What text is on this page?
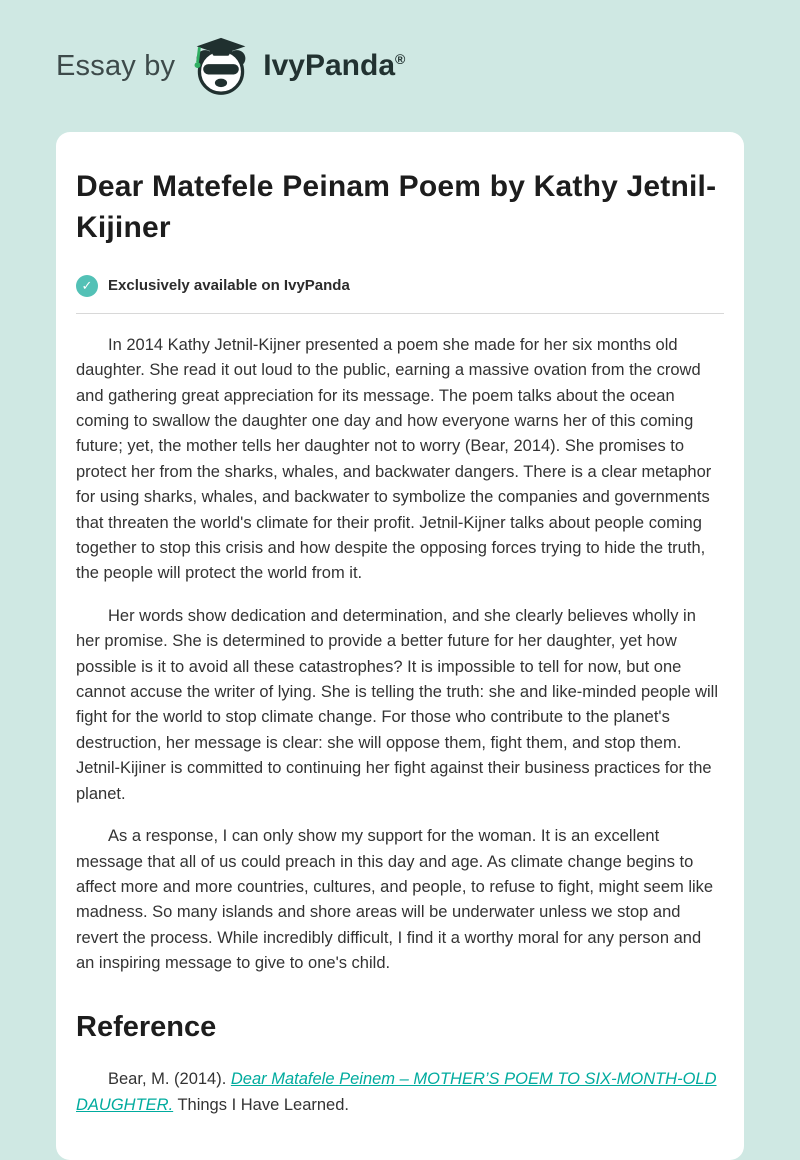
Essay by	IvyPanda®
Dear Matefele Peinam Poem by Kathy Jetnil-Kijiner
✓	Exclusively available on IvyPanda

In 2014 Kathy Jetnil-Kijner presented a poem she made for her six months old daughter. She read it out loud to the public, earning a massive ovation from the crowd and gathering great appreciation for its message. The poem talks about the ocean coming to swallow the daughter one day and how everyone warns her of this coming future; yet, the mother tells her daughter not to worry (Bear, 2014). She promises to protect her from the sharks, whales, and backwater dangers. There is a clear metaphor for using sharks, whales, and backwater to symbolize the companies and governments that threaten the world's climate for their profit. Jetnil-Kijner talks about people coming together to stop this crisis and how despite the opposing forces trying to hide the truth, the people will protect the world from it.

Her words show dedication and determination, and she clearly believes wholly in her promise. She is determined to provide a better future for her daughter, yet how possible is it to avoid all these catastrophes? It is impossible to tell for now, but one cannot accuse the writer of lying. She is telling the truth: she and like-minded people will fight for the world to stop climate change. For those who contribute to the planet's destruction, her message is clear: she will oppose them, fight them, and stop them. Jetnil-Kijiner is committed to continuing her fight against their business practices for the planet.

As a response, I can only show my support for the woman. It is an excellent message that all of us could preach in this day and age. As climate change begins to affect more and more countries, cultures, and people, to refuse to fight, might seem like madness. So many islands and shore areas will be underwater unless we stop and revert the process. While incredibly difficult, I find it a worthy moral for any person and an inspiring message to give to one's child.

Reference

Bear, M. (2014). Dear Matafele Peinem – MOTHER’S POEM TO SIX-MONTH-OLD DAUGHTER. Things I Have Learned.
